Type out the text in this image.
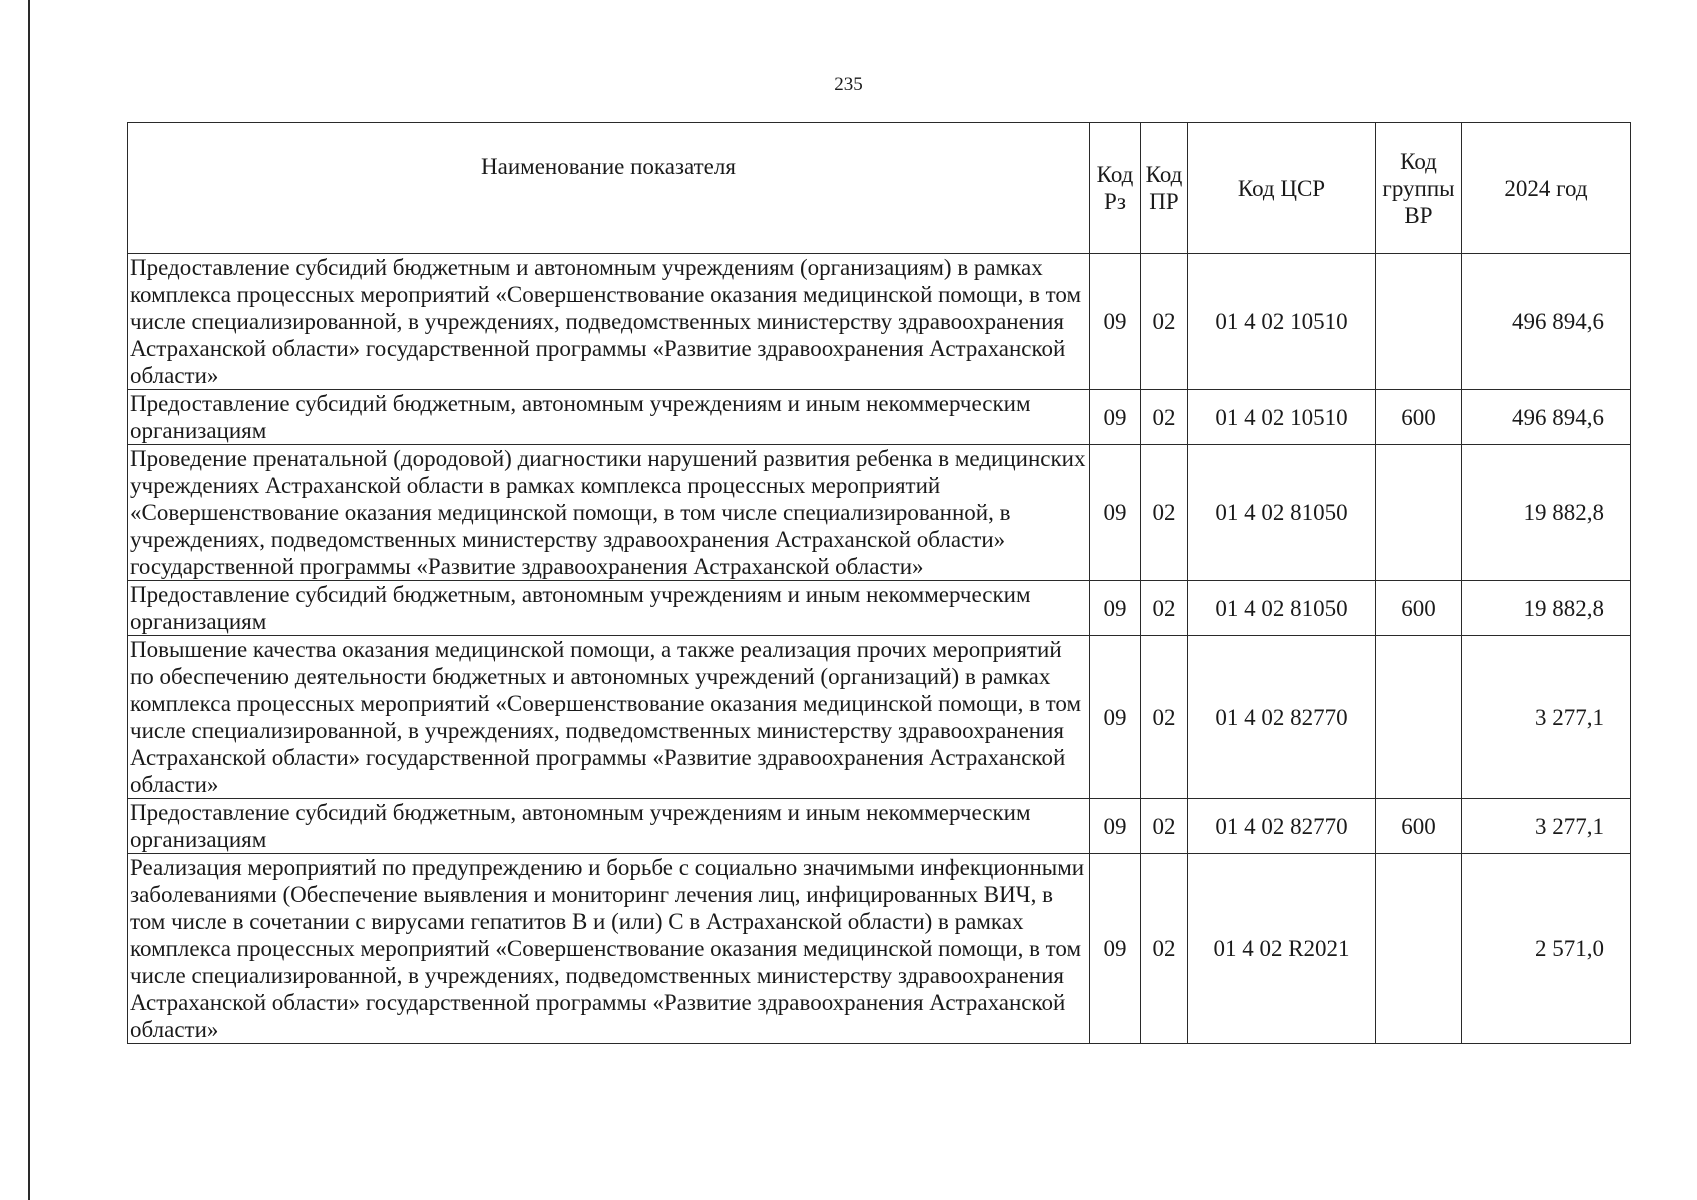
235
Наименование показателя	Код Рз	Код ПР	Код ЦСР	Код группы ВР	2024 год
Предоставление субсидий бюджетным и автономным учреждениям (организациям) в рамках комплекса процессных мероприятий «Совершенствование оказания медицинской помощи, в том числе специализированной, в учреждениях, подведомственных министерству здравоохранения Астраханской области» государственной программы «Развитие здравоохранения Астраханской области»	09	02	01 4 02 10510		496 894,6
Предоставление субсидий бюджетным, автономным учреждениям и иным некоммерческим организациям	09	02	01 4 02 10510	600	496 894,6
Проведение пренатальной (дородовой) диагностики нарушений развития ребенка в медицинских учреждениях Астраханской области в рамках комплекса процессных мероприятий «Совершенствование оказания медицинской помощи, в том числе специализированной, в учреждениях, подведомственных министерству здравоохранения Астраханской области» государственной программы «Развитие здравоохранения Астраханской области»	09	02	01 4 02 81050		19 882,8
Предоставление субсидий бюджетным, автономным учреждениям и иным некоммерческим организациям	09	02	01 4 02 81050	600	19 882,8
Повышение качества оказания медицинской помощи, а также реализация прочих мероприятий по обеспечению деятельности бюджетных и автономных учреждений (организаций) в рамках комплекса процессных мероприятий «Совершенствование оказания медицинской помощи, в том числе специализированной, в учреждениях, подведомственных министерству здравоохранения Астраханской области» государственной программы «Развитие здравоохранения Астраханской области»	09	02	01 4 02 82770		3 277,1
Предоставление субсидий бюджетным, автономным учреждениям и иным некоммерческим организациям	09	02	01 4 02 82770	600	3 277,1
Реализация мероприятий по предупреждению и борьбе с социально значимыми инфекционными заболеваниями (Обеспечение выявления и мониторинг лечения лиц, инфицированных ВИЧ, в том числе в сочетании с вирусами гепатитов B и (или) C в Астраханской области) в рамках комплекса процессных мероприятий «Совершенствование оказания медицинской помощи, в том числе специализированной, в учреждениях, подведомственных министерству здравоохранения Астраханской области» государственной программы «Развитие здравоохранения Астраханской области»	09	02	01 4 02 R2021		2 571,0
